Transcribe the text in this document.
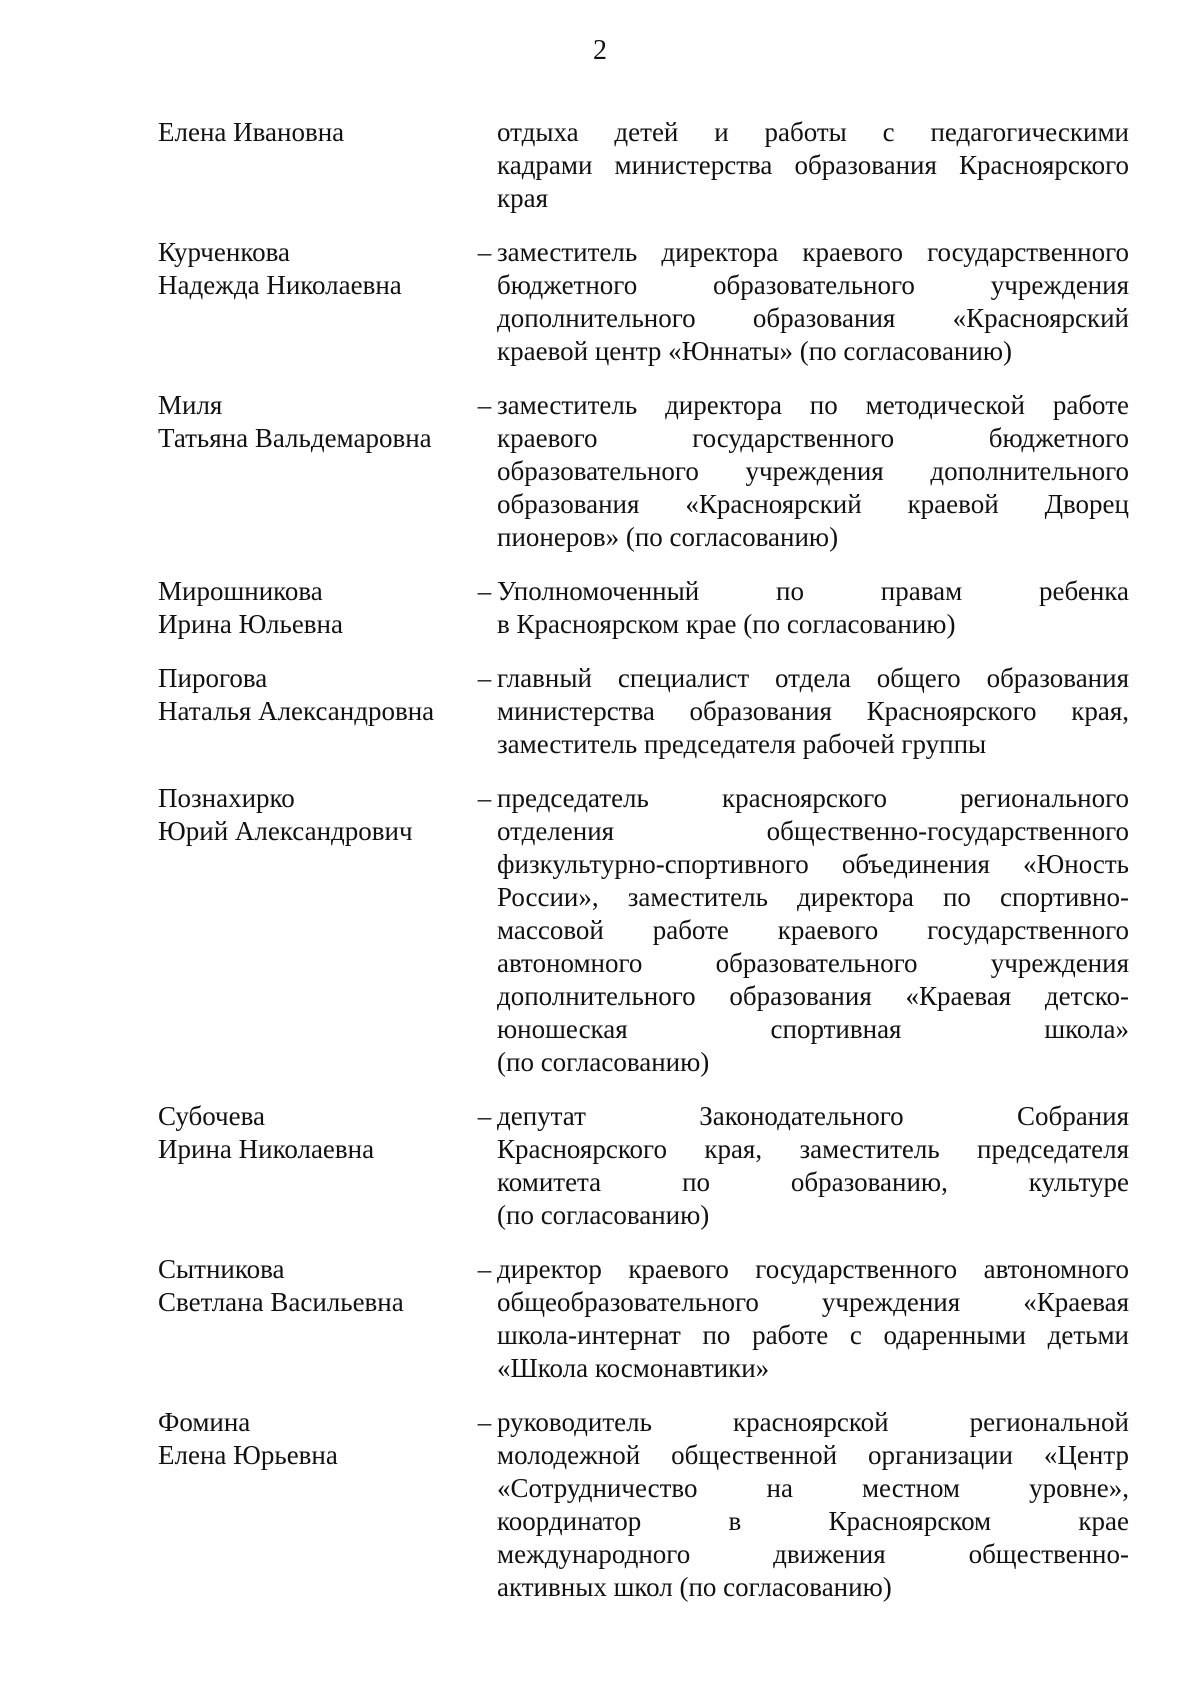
2
Елена Ивановна	отдыха детей и работы с педагогическими
кадрами министерства образования Красноярского
края
Курченкова
Надежда Николаевна
– заместитель директора краевого государственного
бюджетного образовательного учреждения
дополнительного образования «Красноярский
краевой центр «Юннаты» (по согласованию)
Миля
Татьяна Вальдемаровна
– заместитель директора по методической работе
краевого государственного бюджетного
образовательного учреждения дополнительного
образования «Красноярский краевой Дворец
пионеров» (по согласованию)
Мирошникова
Ирина Юльевна
– Уполномоченный по правам ребенка
в Красноярском крае (по согласованию)
Пирогова
Наталья Александровна
– главный специалист отдела общего образования
министерства образования Красноярского края,
заместитель председателя рабочей группы
Познахирко
Юрий Александрович
– председатель красноярского регионального
отделения общественно-государственного
физкультурно-спортивного объединения «Юность
России», заместитель директора по спортивно-
массовой работе краевого государственного
автономного образовательного учреждения
дополнительного образования «Краевая детско-
юношеская спортивная школа»
(по согласованию)
Субочева
Ирина Николаевна
– депутат Законодательного Собрания
Красноярского края, заместитель председателя
комитета по образованию, культуре
(по согласованию)
Сытникова
Светлана Васильевна
– директор краевого государственного автономного
общеобразовательного учреждения «Краевая
школа-интернат по работе с одаренными детьми
«Школа космонавтики»
Фомина
Елена Юрьевна
– руководитель красноярской региональной
молодежной общественной организации «Центр
«Сотрудничество на местном уровне»,
координатор в Красноярском крае
международного движения общественно-
активных школ (по согласованию)
